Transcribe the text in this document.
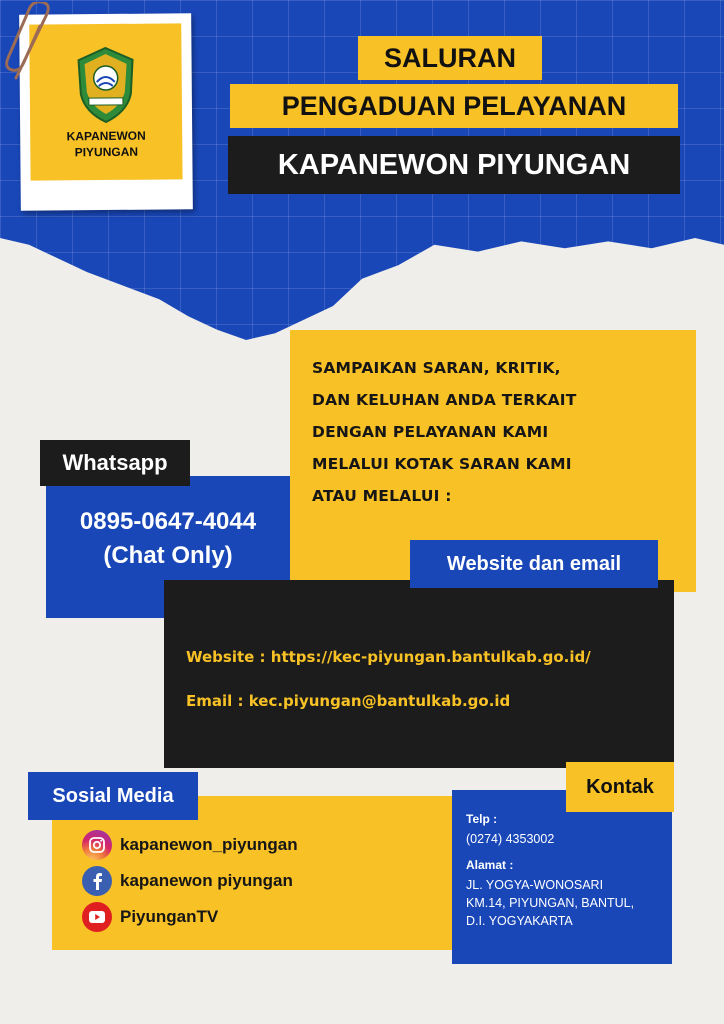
KAPANEWON
PIYUNGAN
SALURAN
PENGADUAN PELAYANAN
KAPANEWON PIYUNGAN
SAMPAIKAN SARAN, KRITIK,
DAN KELUHAN ANDA TERKAIT
DENGAN PELAYANAN KAMI
MELALUI KOTAK SARAN KAMI
ATAU MELALUI :
Whatsapp
0895-0647-4044
(Chat Only)	Website dan email
Website : https://kec-piyungan.bantulkab.go.id/
Email : kec.piyungan@bantulkab.go.id
Sosial Media
kapanewon_piyungan
kapanewon piyungan
PiyunganTV
Kontak
Telp :
(0274) 4353002
Alamat :
JL. YOGYA-WONOSARI
KM.14, PIYUNGAN, BANTUL,
D.I. YOGYAKARTA
